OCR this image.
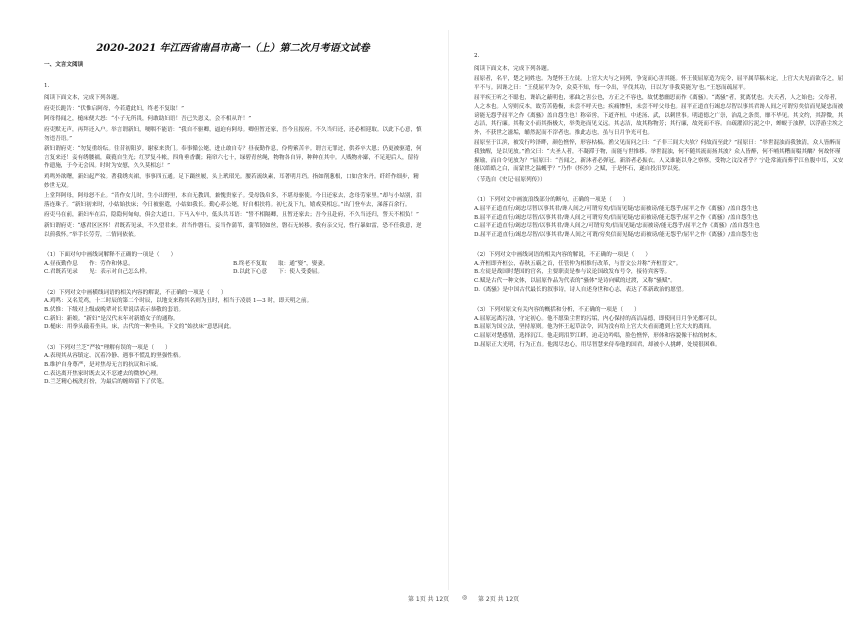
2020-2021 年江西省南昌市高一（上）第二次月考语文试卷

一、文言文阅读

1.

阅读下面文本，完成下列各题。

府吏长跪告：“伏惟启阿母，今若遣此妇，终老不复取！”

阿母得闻之，槌床便大怒：“小子无所畏，何敢助妇语！吾已失恩义，会不相从许！”

府吏默无声，再拜还入户。举言谓新妇，哽咽不能语：“我自不驱卿，逼迫有阿母。卿但暂还家，吾今且报府。不久当归还，还必相迎取。以此下心意，慎勿违吾语。”

新妇谓府吏：“勿复重纷纭。往昔初阳岁，谢家来贵门。奉事循公姥，进止敢自专？昼夜勤作息，伶俜萦苦辛。谓言无罪过，供养卒大恩；仍更被驱遣，何言复来还！妾有绣腰襦，葳蕤自生光；红罗复斗帐，四角垂香囊；箱帘六七十，绿碧青丝绳，物物各自异，种种在其中。人贱物亦鄙，不足迎后人，留待作遗施，于今无会因。时时为安慰，久久莫相忘！”

鸡鸣外欲曙，新妇起严妆。著我绣夹裙，事事四五通。足下蹑丝履，头上玳瑁光。腰若流纨素，耳著明月珰。指如削葱根，口如含朱丹。纤纤作细步，精妙世无双。

上堂拜阿母，阿母怒不止。“昔作女儿时，生小出野里，本自无教训，兼愧贵家子。受母钱帛多，不堪母驱使。今日还家去，念母劳家里。”却与小姑别，泪落连珠子。“新妇初来时，小姑始扶床；今日被驱遣，小姑如我长。勤心养公姥，好自相扶将。初七及下九，嬉戏莫相忘。”出门登车去，涕落百余行。

府吏马在前，新妇车在后，隐隐何甸甸，俱会大道口。下马入车中，低头共耳语：“誓不相隔卿，且暂还家去；吾今且赴府，不久当还归，誓天不相负！”

新妇谓府吏：“感君区区怀！君既若见录，不久望君来。君当作磐石，妾当作蒲苇，蒲苇韧如丝，磐石无转移。我有亲父兄，性行暴如雷，恐不任我意，逆以煎我怀。”举手长劳劳，二情同依依。

（1）下面对句中画线词解释不正确的一项是（　　）

A.昼夜勤作息　　作：劳作和休息。	B.终老不复取　　取：通“娶”，娶妻。
C.君既若见录　　见：表示对自己怎么样。	D.以此下心意　　下：使人受委屈。

（2）下列对文中画横线词语的相关内容的解说，不正确的一项是（　　）

A.鸡鸣：又名荒鸡，十二时辰的第二个时辰，以地支来称其名则为丑时，相当于凌晨 1—3 时，即天明之前。

B.伏惟：下级对上级或晚辈对长辈说话表示恭敬的套语。

C.新妇：新娘。“新妇”是汉代末年对新婚女子的通称。

D.槌床：用拳头敲着坐具。床，古代的一种坐具。下文的“始扶床”意思同此。

（3）下列对兰芝“严妆”理解有误的一项是（　　）

A.表现其从容镇定、沉着冷静、遇事不慌乱的坚强性格。

B.维护自身尊严，是对焦母无言的抗议和示威。

C.表达离开焦家时既去又不忍遽去的微妙心理。

D.兰芝精心梳洗打扮，为最后的缠绵留下了伏笔。

2.

阅读下面文本，完成下列各题。

屈原者，名平，楚之同姓也。为楚怀王左徒。上官大夫与之同列，争宠而心害其能。怀王使屈原造为宪令，屈平属草稿未定，上官大夫见而欲夺之，屈平不与。因谗之曰：“王使屈平为令，众莫不知，每一令出，平伐其功，曰以为‘非我莫能为’也。”王怒而疏屈平。

屈平疾王听之不聪也，谗谄之蔽明也，邪曲之害公也，方正之不容也，故忧愁幽思而作《离骚》。“离骚”者，犹离忧也。夫天者，人之始也；父母者，人之本也。人穷则反本，故劳苦倦极，未尝不呼天也；疾痛惨怛，未尝不呼父母也。屈平正道直行竭忠尽智以事其君谗人间之可谓穷矣信而见疑忠而被谤能无怨乎屈平之作《离骚》盖自怨生也！称帝喾，下道齐桓，中述汤、武，以刺世事。明道德之广崇，治乱之条贯，靡不毕见。其文约，其辞微，其志洁，其行廉。其称文小而其指极大，举类迩而见义远。其志洁，故其称物芳；其行廉，故死而不容。自疏濯淖污泥之中，蝉蜕于浊秽，以浮游尘埃之外，不获世之滋垢，皭然泥而不滓者也。推此志也，虽与日月争光可也。

屈原至于江滨，被发行吟泽畔，颜色憔悴，形容枯槁。渔父见而问之曰：“子非三闾大夫欤？何故而至此？”屈原曰：“举世混浊而我独清，众人皆醉而我独醒，是以见放。”渔父曰：“夫圣人者，不凝滞于物，而能与世推移。举世混浊，何不随其流而扬其波？众人皆醉，何不哺其糟而啜其醨？何故怀瑾握瑜，而自令见放为？”屈原曰：“吾闻之，新沐者必弹冠，新浴者必振衣。人又谁能以身之察察，受物之汶汶者乎？宁赴常流而葬乎江鱼腹中耳，又安能以皓皓之白，而蒙世之温蠖乎？”乃作《怀沙》之赋，于是怀石，遂自投汨罗以死。

（节选自《史记·屈原列传》）

（1）下列对文中画波浪线部分的断句，正确的一项是（　　）

A.屈平正道直行/竭忠尽智以事其君/谗人间之/可谓穷矣/信而见疑/忠而被谤/能无怨乎/屈平之作《离骚》/盖自怨生也

B.屈平正道直行/竭忠尽智/以事其君/谗人间之可谓穷矣/信而见疑/忠而被谤/能无怨乎/屈平之作《离骚》/盖自怨生也

C.屈平正道直行/竭忠尽智/以事其君/谗人间之/可谓穷矣/信而见疑/忠而被谤/能无怨乎/屈平之作《离骚》/盖自怨生也

D.屈平正道直行/竭忠尽智/以事其君/谗人间之可谓/穷矣信而见疑/忠而被谤/能无怨乎/屈平之作《离骚》/盖自怨生也

（2）下列对文中画线词语的相关内容的解说，不正确的一项是（　　）

A.齐桓即齐桓公，春秋五霸之首，任管仲为相推行改革，与晋文公并称“齐桓晋文”。

B.左徒是战国时楚国的官名，主要职责是参与议论国政发布号令，接待宾客等。

C.赋是古代一种文体，以屈原作品为代表的“骚体”是诗向赋的过渡，又称“骚赋”。

D.《离骚》是中国古代最长的叙事诗，诗人自述身世和心志，表达了革新政治的愿望。

（3）下列对原文有关内容的概括和分析，不正确的一项是（　　）

A.屈原远离污浊，守定初心。他不愿染尘世的污垢，内心保持的高洁品德，即使同日月争光都可以。

B.屈原为国立法，坚持原则。他为怀王起草法令，因为没有给上官大夫看而遭到上官大夫的离间。

C.屈原对楚感情，选择沉江。他走到泪罗江畔，迫走边吟唱，脸色憔悴，形体和容貌像干枯的树木。

D.屈原正大光明，行为正直。他渴尽忠心，用尽智慧来侍奉他的国君，却被小人挑衅，处境很困难。

第 1页 共 12页 ◎ 第 2页 共 12页
